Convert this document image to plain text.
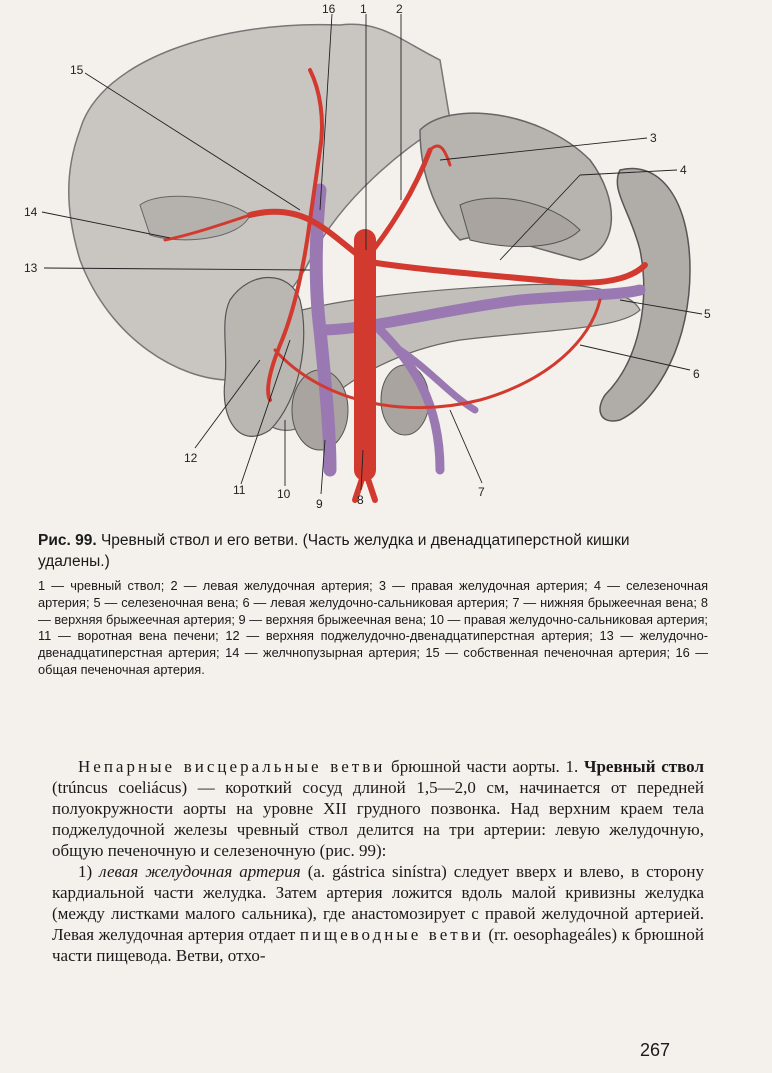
1 2
3
4
5
6
7
8
9
10
11
12
13
14
15
16
Рис. 99. Чревный ствол и его ветви. (Часть желудка и двенадцатиперстной кишки удалены.)
1 — чревный ствол; 2 — левая желудочная артерия; 3 — правая желудочная артерия; 4 — селезеночная артерия; 5 — селезеночная вена; 6 — левая желудочно-сальниковая артерия; 7 — нижняя брыжеечная вена; 8 — верхняя брыжеечная артерия; 9 — верхняя брыжеечная вена; 10 — правая желудочно-сальниковая артерия; 11 — воротная вена печени; 12 — верхняя поджелудочно-двенадцатиперстная артерия; 13 — желудочно-двенадцатиперстная артерия; 14 — желчнопузырная артерия; 15 — собственная печеночная артерия; 16 — общая печеночная артерия.

Непарные висцеральные ветви брюшной части аорты. 1. Чревный ствол (trúncus coeliácus) — короткий сосуд длиной 1,5—2,0 см, начинается от передней полуокружности аорты на уровне XII грудного позвонка. Над верхним краем тела поджелудочной железы чревный ствол делится на три артерии: левую желудочную, общую печеночную и селезеночную (рис. 99):

1) левая желудочная артерия (a. gástrica sinístra) следует вверх и влево, в сторону кардиальной части желудка. Затем артерия ложится вдоль малой кривизны желудка (между листками малого сальника), где анастомозирует с правой желудочной артерией. Левая желудочная артерия отдает пищеводные ветви (rr. oesophageáles) к брюшной части пищевода. Ветви, отхо-

267
